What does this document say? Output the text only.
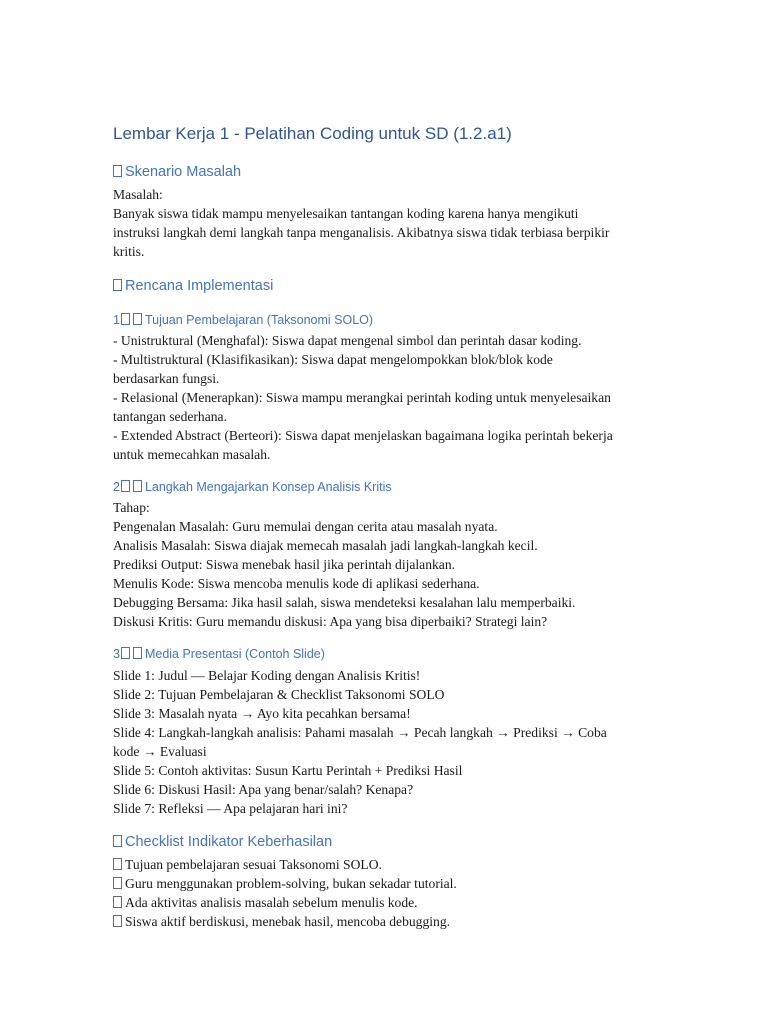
Lembar Kerja 1 - Pelatihan Coding untuk SD (1.2.a1)
Skenario Masalah
Masalah:
Banyak siswa tidak mampu menyelesaikan tantangan koding karena hanya mengikuti
instruksi langkah demi langkah tanpa menganalisis. Akibatnya siswa tidak terbiasa berpikir
kritis.
Rencana Implementasi
1 Tujuan Pembelajaran (Taksonomi SOLO)
- Unistruktural (Menghafal): Siswa dapat mengenal simbol dan perintah dasar koding.
- Multistruktural (Klasifikasikan): Siswa dapat mengelompokkan blok/blok kode
berdasarkan fungsi.
- Relasional (Menerapkan): Siswa mampu merangkai perintah koding untuk menyelesaikan
tantangan sederhana.
- Extended Abstract (Berteori): Siswa dapat menjelaskan bagaimana logika perintah bekerja
untuk memecahkan masalah.
2 Langkah Mengajarkan Konsep Analisis Kritis
Tahap:
Pengenalan Masalah: Guru memulai dengan cerita atau masalah nyata.
Analisis Masalah: Siswa diajak memecah masalah jadi langkah-langkah kecil.
Prediksi Output: Siswa menebak hasil jika perintah dijalankan.
Menulis Kode: Siswa mencoba menulis kode di aplikasi sederhana.
Debugging Bersama: Jika hasil salah, siswa mendeteksi kesalahan lalu memperbaiki.
Diskusi Kritis: Guru memandu diskusi: Apa yang bisa diperbaiki? Strategi lain?
3 Media Presentasi (Contoh Slide)
Slide 1: Judul — Belajar Koding dengan Analisis Kritis!
Slide 2: Tujuan Pembelajaran & Checklist Taksonomi SOLO
Slide 3: Masalah nyata → Ayo kita pecahkan bersama!
Slide 4: Langkah-langkah analisis: Pahami masalah → Pecah langkah → Prediksi → Coba
kode → Evaluasi
Slide 5: Contoh aktivitas: Susun Kartu Perintah + Prediksi Hasil
Slide 6: Diskusi Hasil: Apa yang benar/salah? Kenapa?
Slide 7: Refleksi — Apa pelajaran hari ini?
Checklist Indikator Keberhasilan
Tujuan pembelajaran sesuai Taksonomi SOLO.
Guru menggunakan problem-solving, bukan sekadar tutorial.
Ada aktivitas analisis masalah sebelum menulis kode.
Siswa aktif berdiskusi, menebak hasil, mencoba debugging.
